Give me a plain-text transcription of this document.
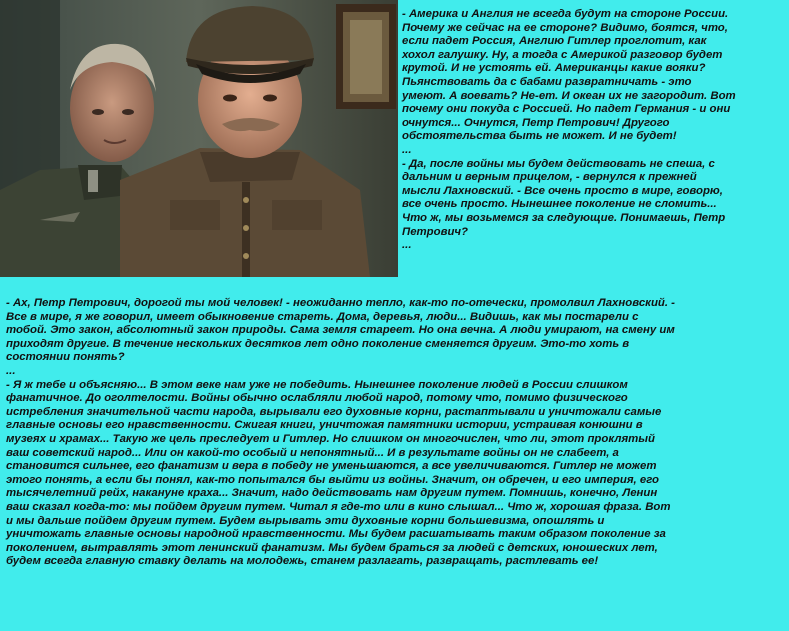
- Америка и Англия не всегда будут на стороне России.
Почему же сейчас на ее стороне? Видимо, боятся, что,
если падет Россия, Англию Гитлер проглотит, как
хохол галушку. Ну, а тогда с Америкой разговор будет
крутой. И не устоять ей. Американцы какие вояки?
Пьянствовать да с бабами развратничать - это
умеют. А воевать? Не-ет. И океан их не загородит. Вот
почему они покуда с Россией. Но падет Германия - и они
очнутся... Очнутся, Петр Петрович! Другого
обстоятельства быть не может. И не будет!

...

- Да, после войны мы будем действовать не спеша, с
дальним и верным прицелом, - вернулся к прежней
мысли Лахновский. - Все очень просто в мире, говорю,
все очень просто. Нынешнее поколение не сломить...
Что ж, мы возьмемся за следующие. Понимаешь, Петр
Петрович?

...

- Ах, Петр Петрович, дорогой ты мой человек! - неожиданно тепло, как-то по-отечески, промолвил Лахновский. -
Все в мире, я же говорил, имеет обыкновение стареть. Дома, деревья, люди... Видишь, как мы постарели с
тобой. Это закон, абсолютный закон природы. Сама земля стареет. Но она вечна. А люди умирают, на смену им
приходят другие. В течение нескольких десятков лет одно поколение сменяется другим. Это-то хоть в
состоянии понять?

...

- Я ж тебе и объясняю... В этом веке нам уже не победить. Нынешнее поколение людей в России слишком
фанатичное. До оголтелости. Войны обычно ослабляли любой народ, потому что, помимо физического
истребления значительной части народа, вырывали его духовные корни, растаптывали и уничтожали самые
главные основы его нравственности. Сжигая книги, уничтожая памятники истории, устраивая конюшни в
музеях и храмах... Такую же цель преследует и Гитлер. Но слишком он многочислен, что ли, этот проклятый
ваш советский народ... Или он какой-то особый и непонятный... И в результате войны он не слабеет, а
становится сильнее, его фанатизм и вера в победу не уменьшаются, а все увеличиваются. Гитлер не может
этого понять, а если бы понял, как-то попытался бы выйти из войны. Значит, он обречен, и его империя, его
тысячелетний рейх, накануне краха... Значит, надо действовать нам другим путем. Помнишь, конечно, Ленин
ваш сказал когда-то: мы пойдем другим путем. Читал я где-то или в кино слышал... Что ж, хорошая фраза. Вот
и мы дальше пойдем другим путем. Будем вырывать эти духовные корни большевизма, опошлять и
уничтожать главные основы народной нравственности. Мы будем расшатывать таким образом поколение за
поколением, вытравлять этот ленинский фанатизм. Мы будем браться за людей с детских, юношеских лет,
будем всегда главную ставку делать на молодежь, станем разлагать, развращать, растлевать ее!
